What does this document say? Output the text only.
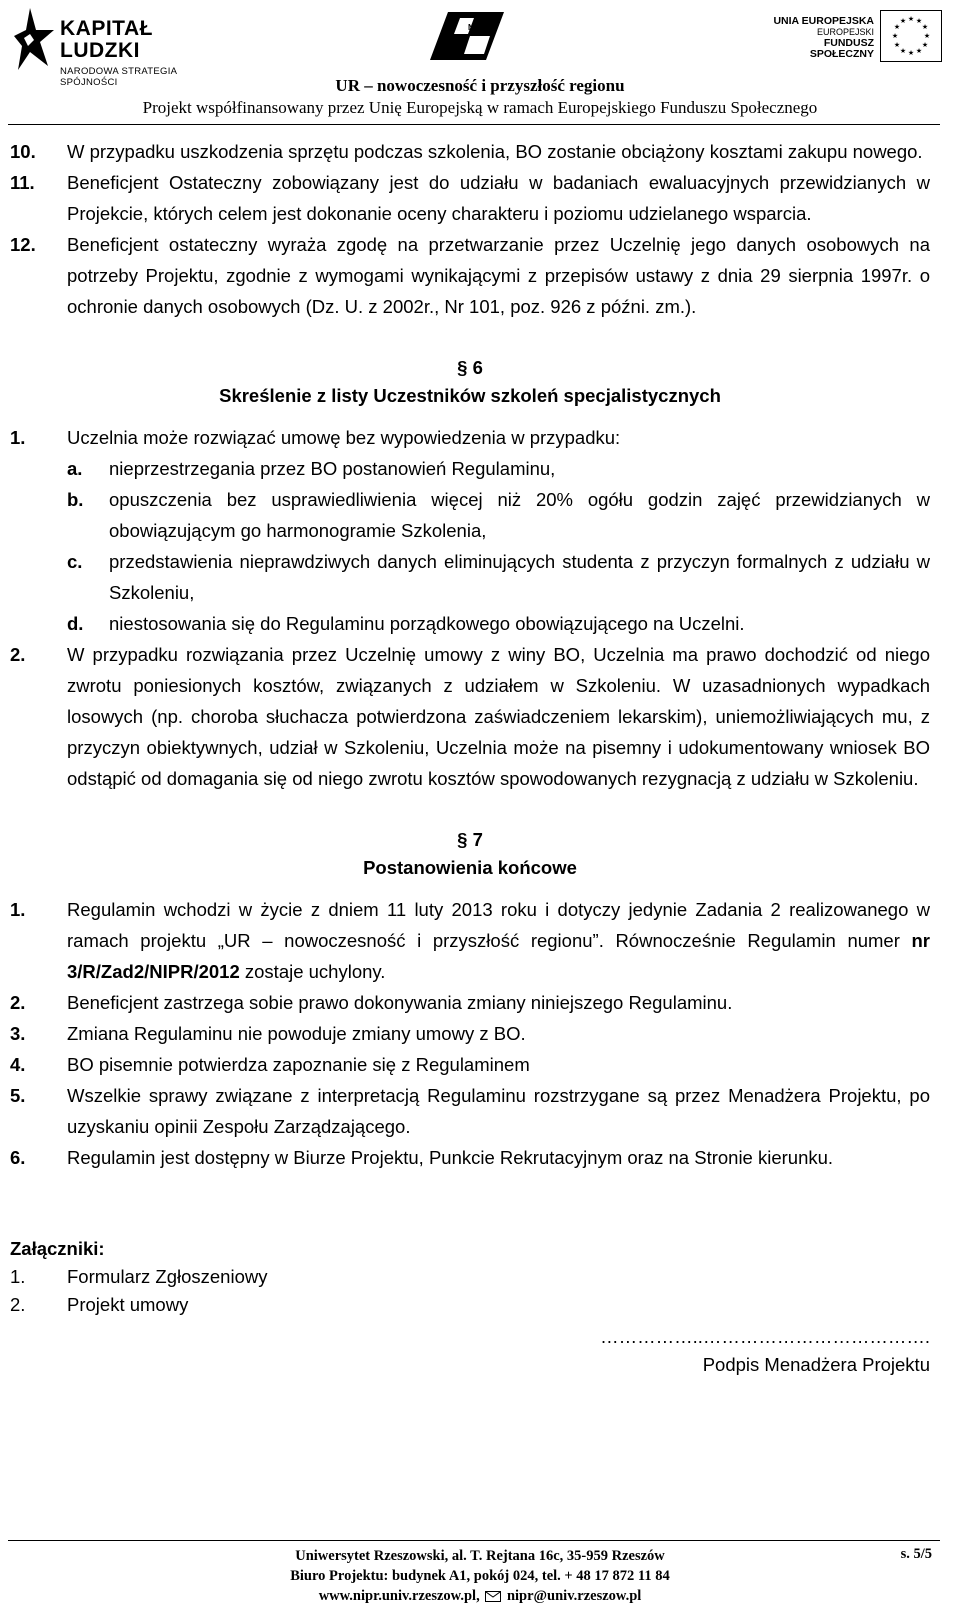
KAPITAŁ LUDZKI
NARODOWA STRATEGIA SPÓJNOŚCI
NIPR
UNIA EUROPEJSKA
EUROPEJSKI
FUNDUSZ SPOŁECZNY
★ ★
★
★
★
★
★
★
★
★
★
★
UR – nowoczesność i przyszłość regionu
Projekt współfinansowany przez Unię Europejską w ramach Europejskiego Funduszu Społecznego
10. W przypadku uszkodzenia sprzętu podczas szkolenia, BO zostanie obciążony kosztami zakupu nowego.
11. Beneficjent Ostateczny zobowiązany jest do udziału w badaniach ewaluacyjnych przewidzianych w Projekcie, których celem jest dokonanie oceny charakteru i poziomu udzielanego wsparcia.
12. Beneficjent ostateczny wyraża zgodę na przetwarzanie przez Uczelnię jego danych osobowych na potrzeby Projektu, zgodnie z wymogami wynikającymi z przepisów ustawy z dnia 29 sierpnia 1997r. o ochronie danych osobowych (Dz. U. z 2002r., Nr 101, poz. 926 z późni. zm.).
§ 6
Skreślenie z listy Uczestników szkoleń specjalistycznych
1. Uczelnia może rozwiązać umowę bez wypowiedzenia w przypadku:
a. nieprzestrzegania przez BO postanowień Regulaminu,
b. opuszczenia bez usprawiedliwienia więcej niż 20% ogółu godzin zajęć przewidzianych w obowiązującym go harmonogramie Szkolenia,
c. przedstawienia nieprawdziwych danych eliminujących studenta z przyczyn formalnych z udziału w Szkoleniu,
d. niestosowania się do Regulaminu porządkowego obowiązującego na Uczelni.
2. W przypadku rozwiązania przez Uczelnię umowy z winy BO, Uczelnia ma prawo dochodzić od niego zwrotu poniesionych kosztów, związanych z udziałem w Szkoleniu. W uzasadnionych wypadkach losowych (np. choroba słuchacza potwierdzona zaświadczeniem lekarskim), uniemożliwiających mu, z przyczyn obiektywnych, udział w Szkoleniu, Uczelnia może na pisemny i udokumentowany wniosek BO odstąpić od domagania się od niego zwrotu kosztów spowodowanych rezygnacją z udziału w Szkoleniu.
§ 7
Postanowienia końcowe
1. Regulamin wchodzi w życie z dniem 11 luty 2013 roku i dotyczy jedynie Zadania 2 realizowanego w ramach projektu „UR – nowoczesność i przyszłość regionu”. Równocześnie Regulamin numer nr 3/R/Zad2/NIPR/2012 zostaje uchylony.
2. Beneficjent zastrzega sobie prawo dokonywania zmiany niniejszego Regulaminu.
3. Zmiana Regulaminu nie powoduje zmiany umowy z BO.
4. BO pisemnie potwierdza zapoznanie się z Regulaminem
5. Wszelkie sprawy związane z interpretacją Regulaminu rozstrzygane są przez Menadżera Projektu, po uzyskaniu opinii Zespołu Zarządzającego.
6. Regulamin jest dostępny w Biurze Projektu, Punkcie Rekrutacyjnym oraz na Stronie kierunku.
Załączniki:
1. Formularz Zgłoszeniowy
2. Projekt umowy
……………..……………………………….
Podpis Menadżera Projektu
Uniwersytet Rzeszowski, al. T. Rejtana 16c, 35-959 Rzeszów
Biuro Projektu: budynek A1, pokój 024, tel. + 48 17 872 11 84
www.nipr.univ.rzeszow.pl, nipr@univ.rzeszow.pl
s. 5/5
